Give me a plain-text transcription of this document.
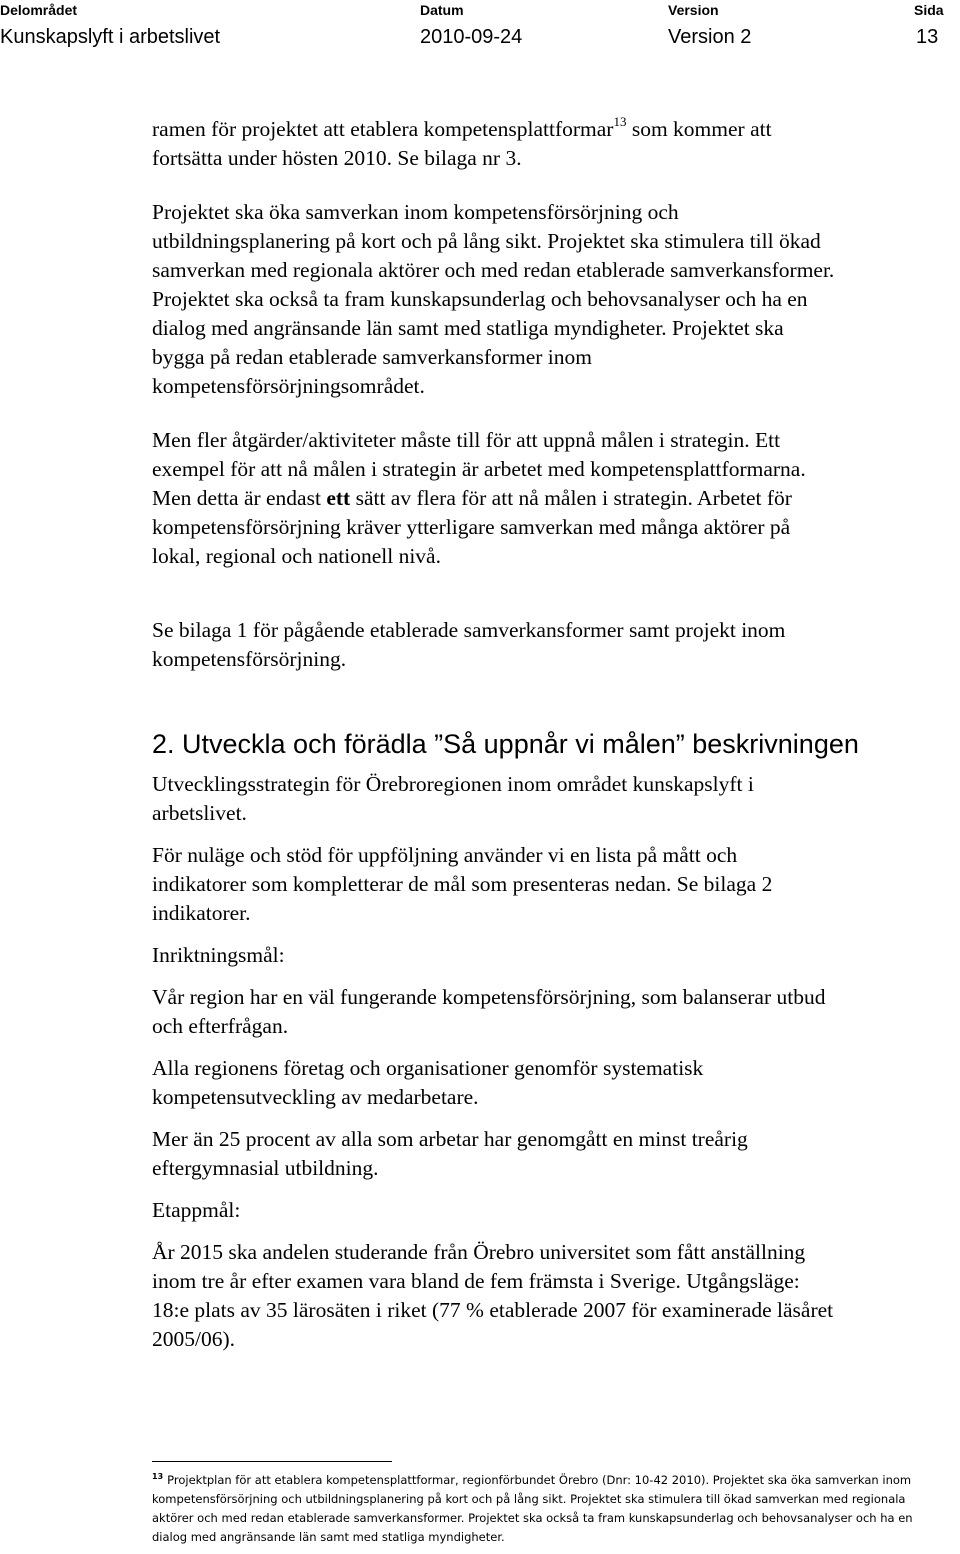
Delområdet
Kunskapslyft i arbetslivet
Datum
2010-09-24
Version
Version 2
Sida
13
ramen för projektet att etablera kompetensplattformar$^{13}$ som kommer att
fortsätta under hösten 2010. Se bilaga nr 3.
Projektet ska öka samverkan inom kompetensförsörjning och
utbildningsplanering på kort och på lång sikt. Projektet ska stimulera till ökad
samverkan med regionala aktörer och med redan etablerade samverkansformer.
Projektet ska också ta fram kunskapsunderlag och behovsanalyser och ha en
dialog med angränsande län samt med statliga myndigheter. Projektet ska
bygga på redan etablerade samverkansformer inom
kompetensförsörjningsområdet.
Men fler åtgärder/aktiviteter måste till för att uppnå målen i strategin. Ett
exempel för att nå målen i strategin är arbetet med kompetensplattformarna.
Men detta är endast ett sätt av flera för att nå målen i strategin. Arbetet för
kompetensförsörjning kräver ytterligare samverkan med många aktörer på
lokal, regional och nationell nivå.
Se bilaga 1 för pågående etablerade samverkansformer samt projekt inom
kompetensförsörjning.
2. Utveckla och förädla ”Så uppnår vi målen” beskrivningen
Utvecklingsstrategin för Örebroregionen inom området kunskapslyft i
arbetslivet.
För nuläge och stöd för uppföljning använder vi en lista på mått och
indikatorer som kompletterar de mål som presenteras nedan. Se bilaga 2
indikatorer.
Inriktningsmål:
Vår region har en väl fungerande kompetensförsörjning, som balanserar utbud
och efterfrågan.
Alla regionens företag och organisationer genomför systematisk
kompetensutveckling av medarbetare.
Mer än 25 procent av alla som arbetar har genomgått en minst treårig
eftergymnasial utbildning.
Etappmål:
År 2015 ska andelen studerande från Örebro universitet som fått anställning
inom tre år efter examen vara bland de fem främsta i Sverige. Utgångsläge:
18:e plats av 35 lärosäten i riket (77 % etablerade 2007 för examinerade läsåret
2005/06).
$^{13}$ Projektplan för att etablera kompetensplattformar, regionförbundet Örebro (Dnr: 10-42 2010). Projektet ska öka samverkan inom
kompetensförsörjning och utbildningsplanering på kort och på lång sikt. Projektet ska stimulera till ökad samverkan med regionala
aktörer och med redan etablerade samverkansformer. Projektet ska också ta fram kunskapsunderlag och behovsanalyser och ha en
dialog med angränsande län samt med statliga myndigheter.
